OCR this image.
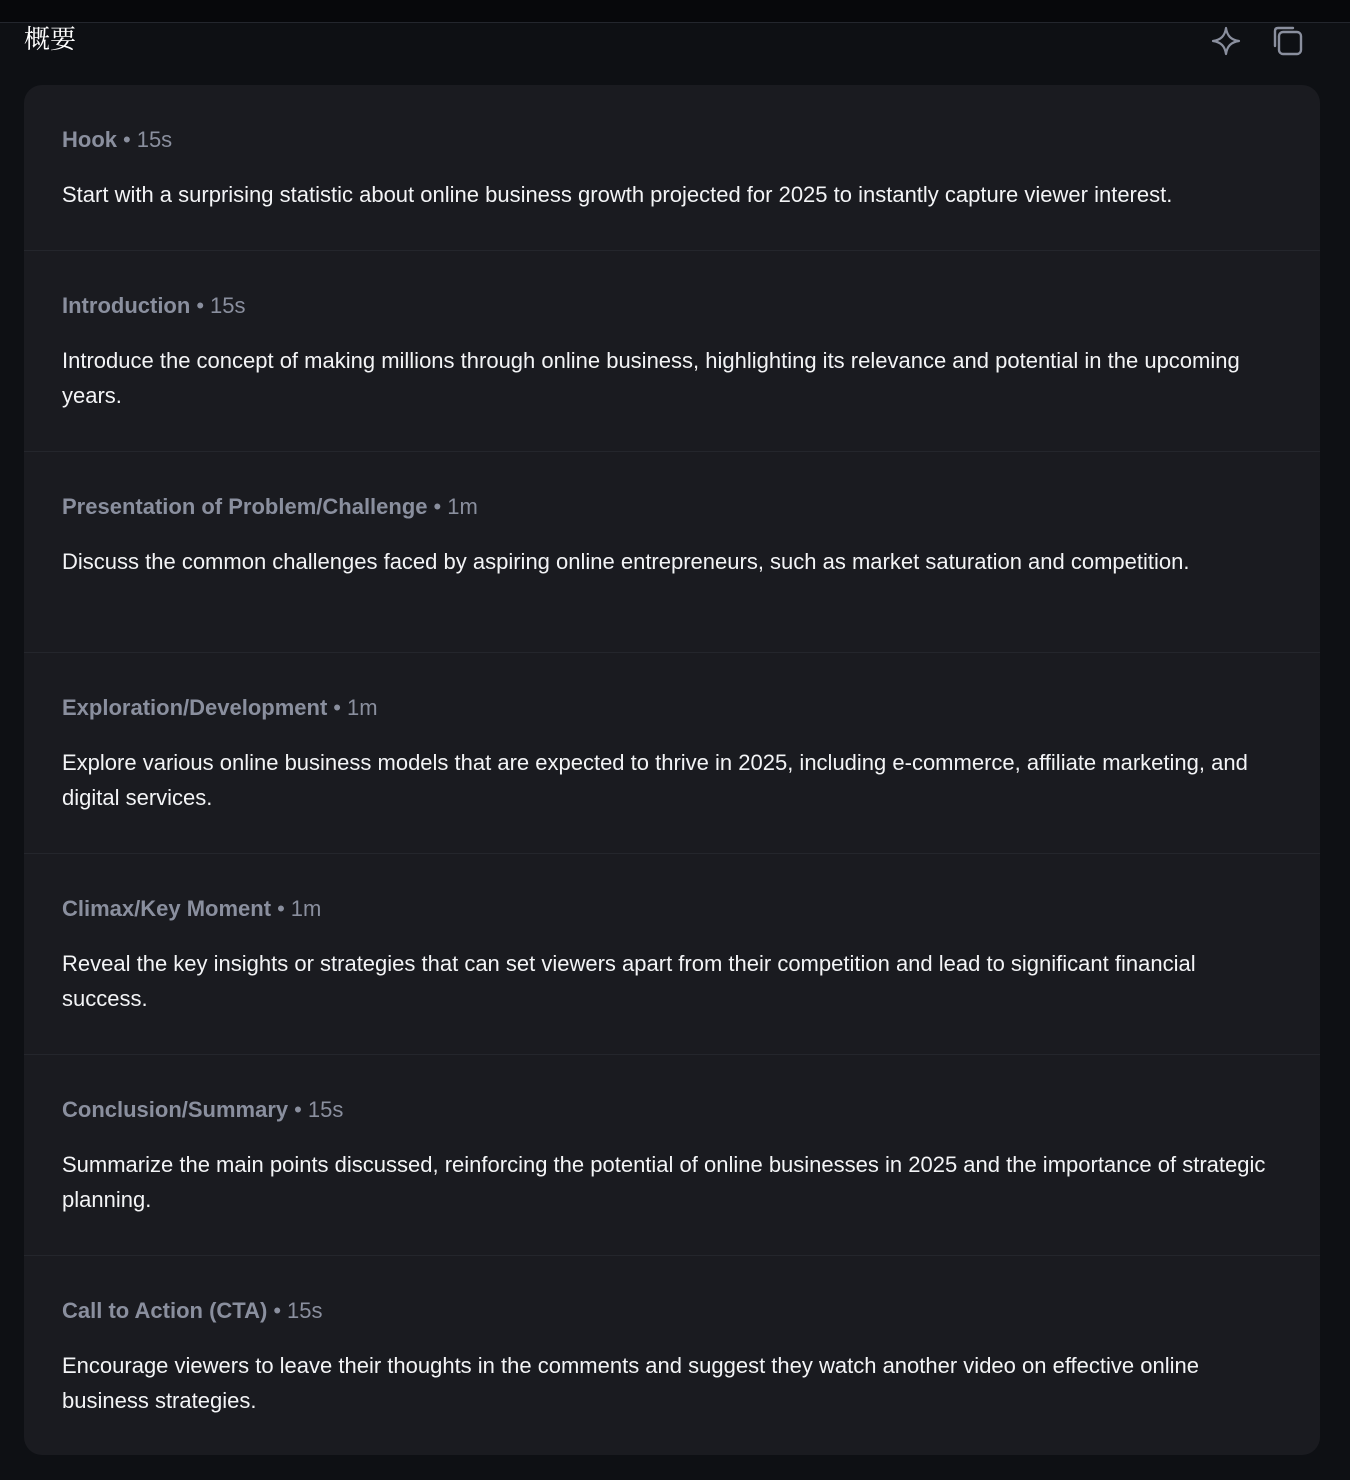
概要
Hook • 15s
Start with a surprising statistic about online business growth projected for 2025 to instantly capture viewer interest.
Introduction • 15s
Introduce the concept of making millions through online business, highlighting its relevance and potential in the upcoming years.
Presentation of Problem/Challenge • 1m
Discuss the common challenges faced by aspiring online entrepreneurs, such as market saturation and competition.
Exploration/Development • 1m
Explore various online business models that are expected to thrive in 2025, including e-commerce, affiliate marketing, and digital services.
Climax/Key Moment • 1m
Reveal the key insights or strategies that can set viewers apart from their competition and lead to significant financial success.
Conclusion/Summary • 15s
Summarize the main points discussed, reinforcing the potential of online businesses in 2025 and the importance of strategic planning.
Call to Action (CTA) • 15s
Encourage viewers to leave their thoughts in the comments and suggest they watch another video on effective online business strategies.
